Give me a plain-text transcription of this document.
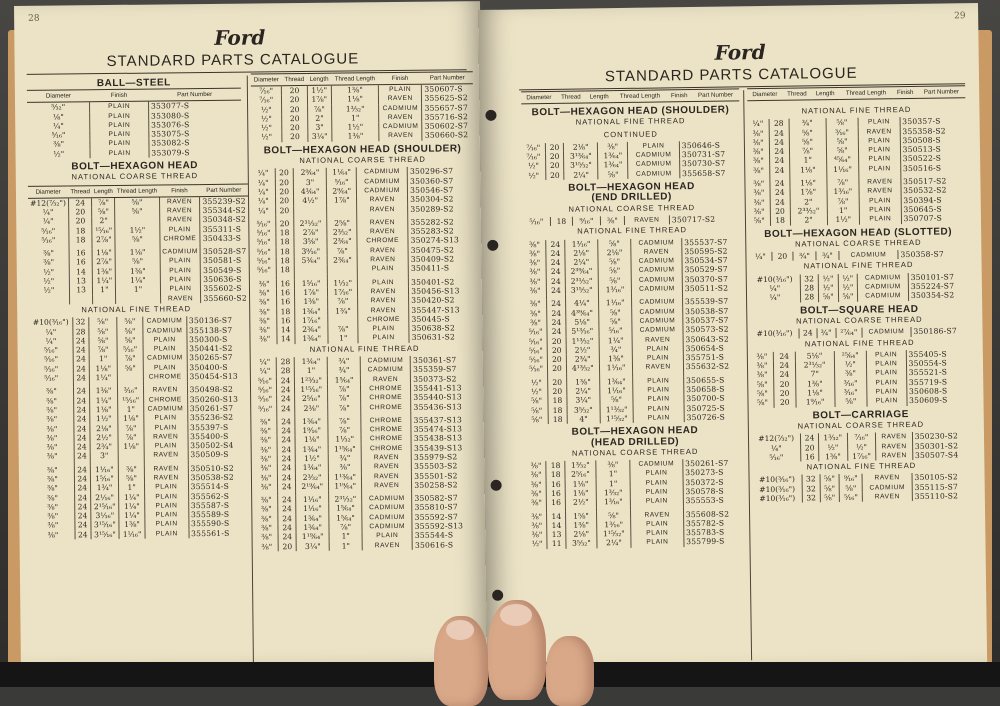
28
Ford
STANDARD PARTS CATALOGUE
BALL—STEEL
Diameter	Finish	Part Number
⁵⁄₃₂"	PLAIN	353077-S
⅛"	PLAIN	353080-S
¼"	PLAIN	353076-S
⁵⁄₁₆"	PLAIN	353075-S
⅜"	PLAIN	353082-S
½"	PLAIN	353079-S
BOLT—HEXAGON HEAD
NATIONAL COARSE THREAD
Diameter	Thread	Length	Thread Length	Finish	Part Number
#12(⁷⁄₃₂")	24	⅞"	⅝"	RAVEN	355239-S2
¼"	20	⅝"	⅝"	RAVEN	355344-S2
¼"	20	2"		RAVEN	350348-S2
⁵⁄₁₆"	18	¹⁵⁄₁₆"	1½"	PLAIN	355311-S
⁵⁄₁₆"	18	2⅞"	⅝"	CHROME	350433-S

⅜"	16	1⅛"	1⅛"	CADMIUM	350528-S7
⅜"	16	2⅞"	⅝"	PLAIN	350581-S
½"	14	1⅜"	1⅜"	PLAIN	350549-S
½"	13	1¼"	1¼"	PLAIN	350636-S
½"	13	1"	1"	PLAIN	355602-S
				RAVEN	355660-S2
NATIONAL FINE THREAD
#10(³⁄₁₆")	32	⅝"	⅝"	CADMIUM	350136-S7
¼"	28	⅝"	⅝"	CADMIUM	355138-S7
¼"	24	⅝"	⅝"	PLAIN	350300-S
⁵⁄₁₆"	24	⅞"	⁵⁄₁₆"	PLAIN	350441-S2
⁵⁄₁₆"	24	1"	⅞"	CADMIUM	350265-S7
⁵⁄₁₆"	24	1⅛"	⁵⁄₈"	PLAIN	350400-S
⁵⁄₁₆"	24	1¼"		CHROME	350454-S13

⅜"	24	1⅜"	³⁄₁₆"	RAVEN	350498-S2
⅜"	24	1¼"	¹⁵⁄₁₆"	CHROME	350260-S13
⅜"	24	1⅛"	1"	CADMIUM	350261-S7
⅜"	24	1½"	1⅛"	PLAIN	355236-S2
⅜"	24	2⅛"	⅞"	PLAIN	355397-S
⅜"	24	2½"	⅞"	RAVEN	355400-S
⅜"	24	2¾"	1⅛"	PLAIN	350502-S4
⅜"	24	3"		RAVEN	350509-S

⅜"	24	1¹⁄₁₆"	⅜"	RAVEN	350510-S2
⅜"	24	1⁵⁄₁₆"	⅝"	RAVEN	350538-S2
⅜"	24	1¾"	1"	PLAIN	355514-S
⅜"	24	2¹⁄₁₆"	1¼"	PLAIN	355562-S
⅜"	24	2¹⁵⁄₁₆"	1¼"	PLAIN	355587-S
⅜"	24	3¹⁄₁₆"	1¼"	PLAIN	355589-S
⅜"	24	3¹⁵⁄₁₆"	1⅜"	PLAIN	355590-S
⅜"	24	3¹⁵⁄₁₆"	1¹⁄₁₆"	PLAIN	355561-S
Diameter	Thread	Length	Thread Length	Finish	Part Number
⁷⁄₁₆"	20	1½"	1⅜"	PLAIN	350607-S
⁷⁄₁₆"	20	1⅞"	1⅛"	RAVEN	355625-S2
½"	20	⁷⁄₈"	1³⁄₃₂"	CADMIUM	355657-S7
½"	20	2"	1"	RAVEN	355716-S2
½"	20	3"	1½"	CADMIUM	350602-S7
½"	20	3¼"	1⅜"	RAVEN	350660-S2
BOLT—HEXAGON HEAD (SHOULDER)
NATIONAL COARSE THREAD
¼"	20	2⁹⁄₆₄"	1¹⁄₆₄"	CADMIUM	350296-S7
¼"	20	3"	⁵⁄₁₆"	CADMIUM	350360-S7
¼"	20	4³⁄₆₄"	2⁹⁄₆₄"	CADMIUM	350546-S7
¼"	20	4½"	1⅞"	RAVEN	350304-S2
¼"	20			RAVEN	350289-S2

⁵⁄₁₆"	20	2³¹⁄₃₂"	2⅝"	RAVEN	355282-S2
⁵⁄₁₆"	18	2⅞"	2³⁄₃₂"	RAVEN	355283-S2
⁵⁄₁₆"	18	3⅝"	2³⁄₆₄"	CHROME	350274-S13
⁵⁄₁₆"	18	3⁹⁄₁₆"	⅞"	RAVEN	350475-S2
⁵⁄₁₆"	18	5³⁄₆₄"	2³⁄₆₄"	RAVEN	350409-S2
⁵⁄₁₆"	18			PLAIN	350411-S

⅜"	16	1⁵⁄₁₆"	1¹⁄₃₂"	PLAIN	350401-S2
⅜"	16	1⅞"	1⁷⁄₁₆"	RAVEN	350456-S13
⅜"	16	1⅜"	⅞"	RAVEN	350420-S2
⅜"	18	1³⁄₆₄"	1¾"	RAVEN	355447-S13
⅜"	16	1⁷⁄₁₆"		CHROME	350445-S
⅜"	14	2³⁄₆₄"	⅞"	PLAIN	350638-S2
⅜"	14	1³⁄₆₄"	1"	PLAIN	350631-S2
NATIONAL FINE THREAD
¼"	28	1³⁄₆₄"	¾"	CADMIUM	350361-S7
¼"	28	1"	¾"	CADMIUM	355359-S7
⁵⁄₁₆"	24	1²³⁄₃₂"	1⁵⁄₆₄"	RAVEN	350373-S2
⁵⁄₁₆"	24	1¹⁵⁄₁₆"	⅞"	CHROME	355441-S13
⁵⁄₁₆"	24	2⁵⁄₁₆"	⅞"	CHROME	355440-S13
⁵⁄₁₆"	24	2³⁄₈"	⅞"	CHROME	355436-S13

⅜"	24	1³⁄₆₄"	⅞"	CHROME	355437-S13
⅜"	24	1⁹⁄₁₆"	⅞"	CHROME	355474-S13
⅜"	24	1⅛"	1¹⁄₃₂"	CHROME	355438-S13
⅜"	24	1³⁄₆₄"	1¹⁵⁄₆₄"	CHROME	355439-S13
⅜"	24	1½"	¾"	RAVEN	355979-S2
⅜"	24	1³⁄₆₄"	⅜"	RAVEN	355503-S2
⅜"	24	2³⁄₃₂"	1¹³⁄₆₄"	RAVEN	355501-S2
⅜"	24	2¹⁹⁄₆₄"	1¹⁹⁄₆₄"	RAVEN	350258-S2

⅜"	24	1¹⁄₁₆"	2³¹⁄₃₂"	CADMIUM	350582-S7
⅜"	24	1¹⁄₁₆"	1⁵⁄₆₄"	CADMIUM	355810-S7
⅜"	24	1³⁄₆₄"	1⁵⁄₆₄"	CADMIUM	355592-S7
⅜"	24	1³⁄₆₄"	⅞"	CADMIUM	355592-S13
⅜"	24	1¹⁹⁄₆₄"	1"	PLAIN	355544-S
⅜"	20	3¼"	1"	RAVEN	350616-S
29
Ford
STANDARD PARTS CATALOGUE
Diameter	Thread	Length	Thread Length	Finish	Part Number
BOLT—HEXAGON HEAD (SHOULDER)
NATIONAL FINE THREAD
CONTINUED
⁷⁄₁₆"	20	2⅛"	⅜"	PLAIN	350646-S
⁷⁄₁₆"	20	3¹³⁄₆₄"	1³⁄₆₄"	CADMIUM	350731-S7
½"	20	3¹⁵⁄₃₂"	1³⁄₆₄"	CADMIUM	350730-S7
½"	20	2¼"	⅝"	CADMIUM	355658-S7
BOLT—HEXAGON HEAD
(END DRILLED)
NATIONAL COARSE THREAD
⁵⁄₁₆"	18	⁹⁄₁₆"	⅜"	RAVEN	350717-S2
NATIONAL FINE THREAD
⅜"	24	1³⁄₁₆"	⅝"	CADMIUM	355537-S7
⅜"	24	2⅛"	2⅛"	RAVEN	350595-S2
⅜"	24	2¼"	⅝"	CADMIUM	350534-S7
⅜"	24	2³⁹⁄₆₄"	⅝"	CADMIUM	350529-S7
⅜"	24	2³¹⁄₃₂"	⅝"	CADMIUM	350370-S7
⅜"	24	3¹⁵⁄₃₂"	1³⁄₁₆"	CADMIUM	350511-S2

⅜"	24	4¼"	1¹⁄₁₆"	CADMIUM	355539-S7
⅜"	24	4³⁹⁄₆₄"	⅝"	CADMIUM	350538-S7
⅜"	24	5⅛"	⅝"	CADMIUM	350537-S7
⁵⁄₁₆"	24	5¹³⁄₁₆"	⁵⁄₁₆"	CADMIUM	350573-S2
⁵⁄₁₆"	20	1¹³⁄₃₂"	1¼"	RAVEN	350643-S2
⁵⁄₁₆"	20	2½"	¾"	PLAIN	350654-S
⁵⁄₁₆"	20	2¾"	1⅜"	PLAIN	355751-S
⁵⁄₁₆"	20	4¹³⁄₃₂"	1¹⁄₁₆"	RAVEN	355632-S2

½"	20	1⅜"	1³⁄₆₄"	PLAIN	350655-S
½"	20	2¼"	1¹⁄₁₆"	PLAIN	350658-S
⅝"	18	3¼"	⅝"	PLAIN	350700-S
⅝"	18	3⁵⁄₃₂"	1¹³⁄₃₂"	PLAIN	350725-S
⅝"	18	4"	1¹⁵⁄₃₂"	PLAIN	350726-S
BOLT—HEXAGON HEAD
(HEAD DRILLED)
NATIONAL COARSE THREAD
⅜"	18	1³⁄₃₂"	⅜"	CADMIUM	350261-S7
⅜"	18	2⁵⁄₁₆"	1"	PLAIN	350273-S
⅜"	16	1⅛"	1"	PLAIN	350372-S
⅜"	16	1⅛"	1³⁄₃₂"	PLAIN	350578-S
⅜"	16	2½"	1³⁄₁₆"	PLAIN	355553-S

⅜"	14	1⅝"	⅝"	RAVEN	355608-S2
⅜"	14	1⅜"	1³⁄₁₆"	PLAIN	355782-S
⅜"	13	2⅛"	1¹⁵⁄₃₂"	PLAIN	355783-S
½"	11	3⁵⁄₃₂"	2¼"	PLAIN	355799-S
Diameter	Thread	Length	Thread Length	Finish	Part Number
NATIONAL FINE THREAD
¼"	28	¾"	⅝"	PLAIN	350357-S
⅜"	24	⅝"	³⁄₁₆"	RAVEN	355358-S2
⅜"	24	⅝"	⅝"	PLAIN	350508-S
⅜"	24	⅞"	⅝"	PLAIN	350513-S
⅜"	24	1"	⁴⁵⁄₆₄"	PLAIN	350522-S
⅜"	24	1⅛"	1¹⁄₁₆"	PLAIN	350516-S

⅜"	24	1⅛"	⅞"	RAVEN	350517-S2
⅜"	24	1⅞"	1³⁄₁₆"	RAVEN	350532-S2
⅜"	24	2"	⅞"	PLAIN	350394-S
⅜"	20	2³³⁄₃₂"	1"	PLAIN	350645-S
⅝"	18	2"	1¹⁄₂"	PLAIN	350707-S
BOLT—HEXAGON HEAD (SLOTTED)
NATIONAL COARSE THREAD
¼"	20	¾"	¾"	CADMIUM	350358-S7
NATIONAL FINE THREAD
#10(³⁄₁₆")	32	½"	½"	CADMIUM	350101-S7
¼"	28	½"	½"	CADMIUM	355224-S7
¼"	28	⅝"	⅝"	CADMIUM	350354-S2
BOLT—SQUARE HEAD
NATIONAL COARSE THREAD
#10(³⁄₁₆")	24	¾"	²⁷⁄₆₄"	CADMIUM	350186-S7
NATIONAL FINE THREAD
⅜"	24	5⅛"	²⁵⁄₆₄"	PLAIN	355405-S
⅜"	24	2³¹⁄₃₂"	½"	PLAIN	350554-S
⅜"	24	7"	⅜"	PLAIN	355521-S
⅝"	20	1⅜"	³⁄₁₆"	PLAIN	355719-S
⅝"	20	1⅛"	³⁄₁₆"	PLAIN	350608-S
⅝"	20	1⁹⁄₁₆"	⅝"	PLAIN	350609-S
BOLT—CARRIAGE
NATIONAL COARSE THREAD
#12(⁷⁄₃₂")	24	1³⁄₃₂"	⁷⁄₁₆"	RAVEN	350230-S2
¼"	20	½"	½"	RAVEN	350301-S2
⁵⁄₁₆"	16	1⅜"	1⁷⁄₁₆"	RAVEN	350507-S4
NATIONAL FINE THREAD
#10(³⁄₁₆")	32	⅝"	⁹⁄₁₆"	RAVEN	350105-S2
#10(³⁄₁₆")	32	⅝"	⅝"	CADMIUM	355115-S7
#10(³⁄₁₆")	32	⅝"	⁵⁄₁₆"	RAVEN	355110-S2
